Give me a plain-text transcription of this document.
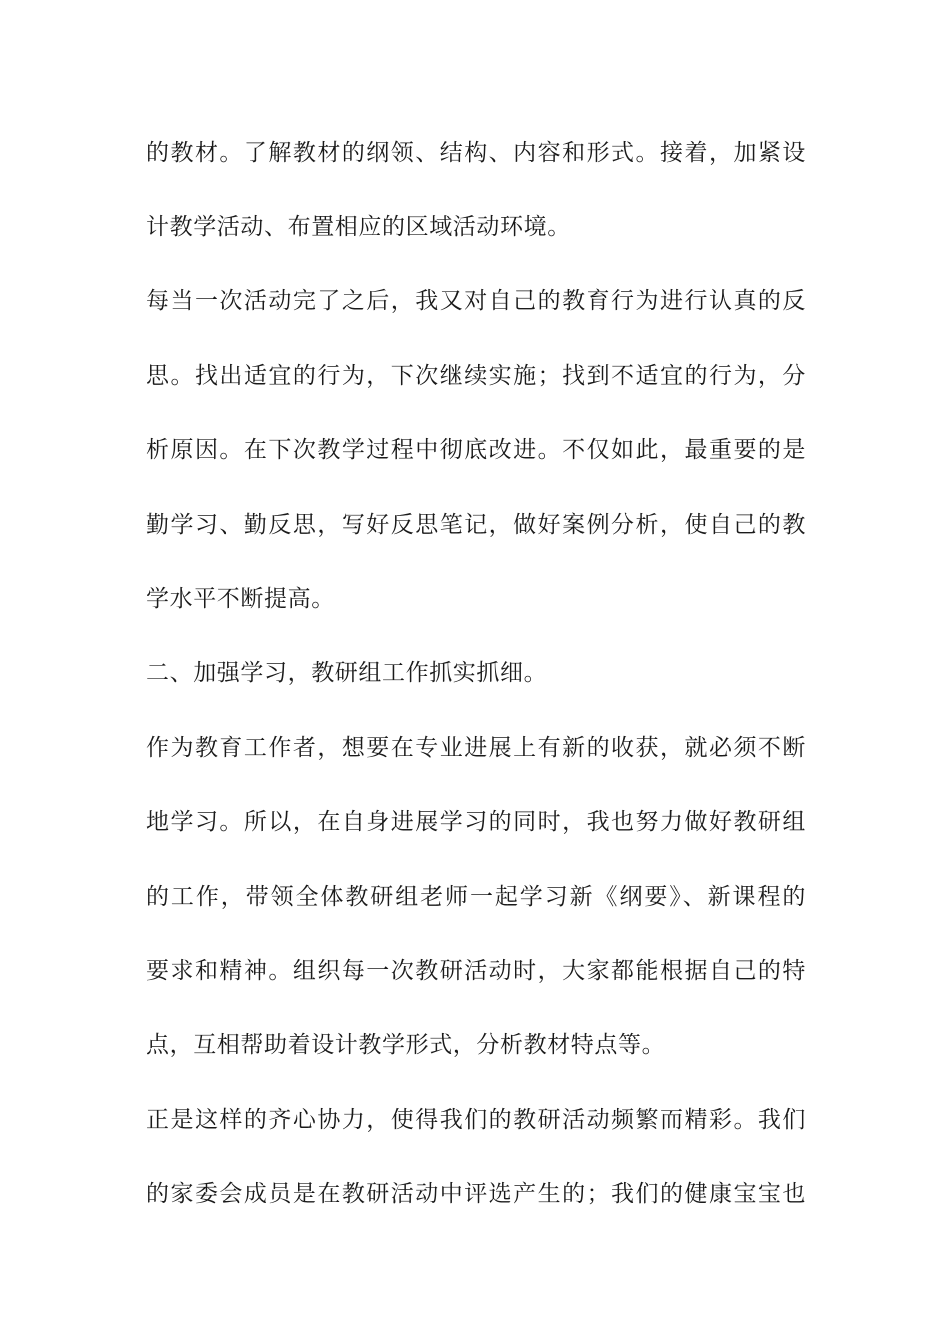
的教材。了解教材的纲领、结构、内容和形式。接着，加紧设
计教学活动、布置相应的区域活动环境。
每当一次活动完了之后，我又对自己的教育行为进行认真的反
思。找出适宜的行为，下次继续实施；找到不适宜的行为，分
析原因。在下次教学过程中彻底改进。不仅如此，最重要的是
勤学习、勤反思，写好反思笔记，做好案例分析，使自己的教
学水平不断提高。
二、加强学习，教研组工作抓实抓细。
作为教育工作者，想要在专业进展上有新的收获，就必须不断
地学习。所以，在自身进展学习的同时，我也努力做好教研组
的工作，带领全体教研组老师一起学习新《纲要》、新课程的
要求和精神。组织每一次教研活动时，大家都能根据自己的特
点，互相帮助着设计教学形式，分析教材特点等。
正是这样的齐心协力，使得我们的教研活动频繁而精彩。我们
的家委会成员是在教研活动中评选产生的；我们的健康宝宝也
